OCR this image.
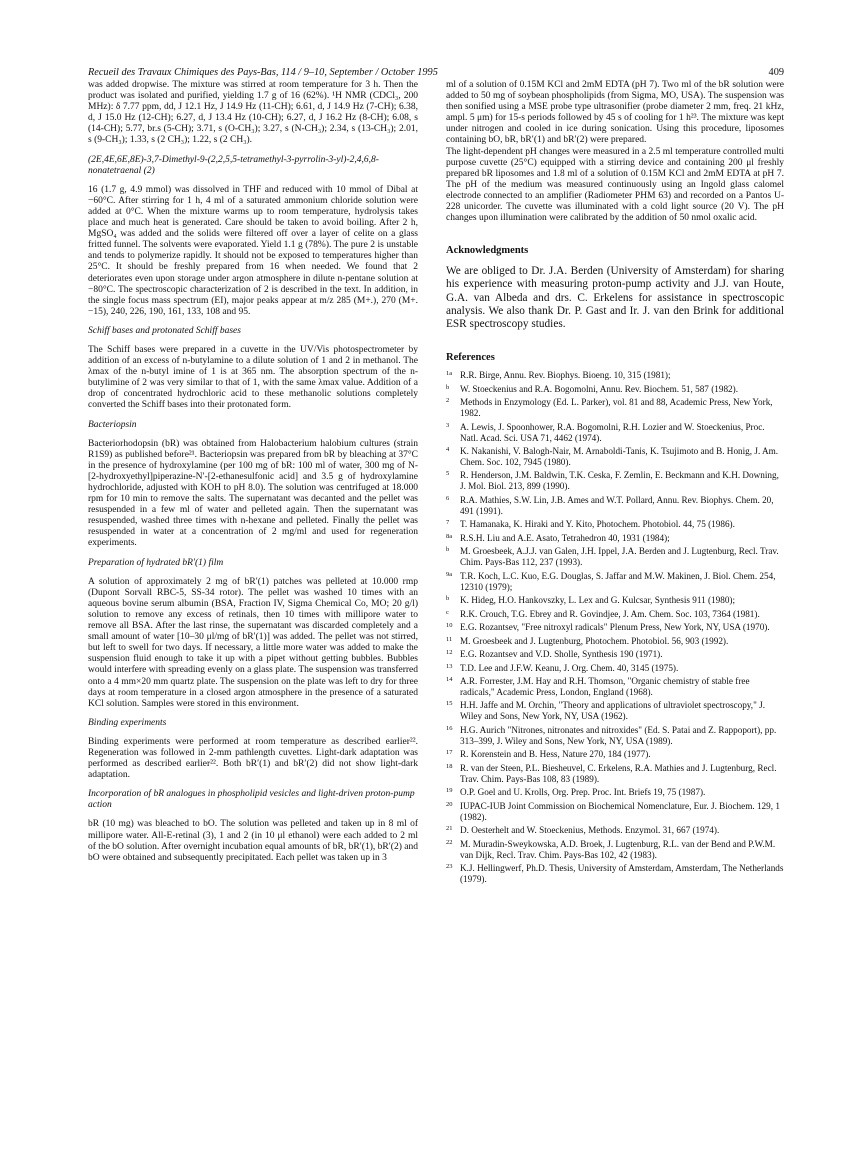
Recueil des Travaux Chimiques des Pays-Bas, 114 / 9–10, September / October 1995	409

was added dropwise. The mixture was stirred at room temperature for 3 h. Then the product was isolated and purified, yielding 1.7 g of 16 (62%). ¹H NMR (CDCl₃, 200 MHz): δ 7.77 ppm, dd, J 12.1 Hz, J 14.9 Hz (11-CH); 6.61, d, J 14.9 Hz (7-CH); 6.38, d, J 15.0 Hz (12-CH); 6.27, d, J 13.4 Hz (10-CH); 6.27, d, J 16.2 Hz (8-CH); 6.08, s (14-CH); 5.77, br.s (5-CH); 3.71, s (O-CH₃); 3.27, s (N-CH₃); 2.34, s (13-CH₃); 2.01, s (9-CH₃); 1.33, s (2 CH₃); 1.22, s (2 CH₃).

(2E,4E,6E,8E)-3,7-Dimethyl-9-(2,2,5,5-tetramethyl-3-pyrrolin-3-yl)-2,4,6,8-nonatetraenal (2)

16 (1.7 g, 4.9 mmol) was dissolved in THF and reduced with 10 mmol of Dibal at −60°C. After stirring for 1 h, 4 ml of a saturated ammonium chloride solution were added at 0°C. When the mixture warms up to room temperature, hydrolysis takes place and much heat is generated. Care should be taken to avoid boiling. After 2 h, MgSO₄ was added and the solids were filtered off over a layer of celite on a glass fritted funnel. The solvents were evaporated. Yield 1.1 g (78%). The pure 2 is unstable and tends to polymerize rapidly. It should not be exposed to temperatures higher than 25°C. It should be freshly prepared from 16 when needed. We found that 2 deteriorates even upon storage under argon atmosphere in dilute n-pentane solution at −80°C. The spectroscopic characterization of 2 is described in the text. In addition, in the single focus mass spectrum (EI), major peaks appear at m/z 285 (M+.), 270 (M+. −15), 240, 226, 190, 161, 133, 108 and 95.

Schiff bases and protonated Schiff bases

The Schiff bases were prepared in a cuvette in the UV/Vis photospectrometer by addition of an excess of n-butylamine to a dilute solution of 1 and 2 in methanol. The λmax of the n-butyl imine of 1 is at 365 nm. The absorption spectrum of the n-butylimine of 2 was very similar to that of 1, with the same λmax value. Addition of a drop of concentrated hydrochloric acid to these methanolic solutions completely converted the Schiff bases into their protonated form.

Bacteriopsin

Bacteriorhodopsin (bR) was obtained from Halobacterium halobium cultures (strain R1S9) as published before²¹. Bacteriopsin was prepared from bR by bleaching at 37°C in the presence of hydroxylamine (per 100 mg of bR: 100 ml of water, 300 mg of N-[2-hydroxyethyl]piperazine-N′-[2-ethanesulfonic acid] and 3.5 g of hydroxylamine hydrochloride, adjusted with KOH to pH 8.0). The solution was centrifuged at 18.000 rpm for 10 min to remove the salts. The supernatant was decanted and the pellet was resuspended in a few ml of water and pelleted again. Then the supernatant was resuspended, washed three times with n-hexane and pelleted. Finally the pellet was resuspended in water at a concentration of 2 mg/ml and used for regeneration experiments.

Preparation of hydrated bR′(1) film

A solution of approximately 2 mg of bR′(1) patches was pelleted at 10.000 rmp (Dupont Sorvall RBC-5, SS-34 rotor). The pellet was washed 10 times with an aqueous bovine serum albumin (BSA, Fraction IV, Sigma Chemical Co, MO; 20 g/l) solution to remove any excess of retinals, then 10 times with millipore water to remove all BSA. After the last rinse, the supernatant was discarded completely and a small amount of water [10–30 μl/mg of bR′(1)] was added. The pellet was not stirred, but left to swell for two days. If necessary, a little more water was added to make the suspension fluid enough to take it up with a pipet without getting bubbles. Bubbles would interfere with spreading evenly on a glass plate. The suspension was transferred onto a 4 mm×20 mm quartz plate. The suspension on the plate was left to dry for three days at room temperature in a closed argon atmosphere in the presence of a saturated KCl solution. Samples were stored in this environment.

Binding experiments

Binding experiments were performed at room temperature as described earlier²². Regeneration was followed in 2-mm pathlength cuvettes. Light-dark adaptation was performed as described earlier²². Both bR′(1) and bR′(2) did not show light-dark adaptation.

Incorporation of bR analogues in phospholipid vesicles and light-driven proton-pump action

bR (10 mg) was bleached to bO. The solution was pelleted and taken up in 8 ml of millipore water. All-E-retinal (3), 1 and 2 (in 10 μl ethanol) were each added to 2 ml of the bO solution. After overnight incubation equal amounts of bR, bR′(1), bR′(2) and bO were obtained and subsequently precipitated. Each pellet was taken up in 3

ml of a solution of 0.15M KCl and 2mM EDTA (pH 7). Two ml of the bR solution were added to 50 mg of soybean phospholipids (from Sigma, MO, USA). The suspension was then sonified using a MSE probe type ultrasonifier (probe diameter 2 mm, freq. 21 kHz, ampl. 5 μm) for 15-s periods followed by 45 s of cooling for 1 h²³. The mixture was kept under nitrogen and cooled in ice during sonication. Using this procedure, liposomes containing bO, bR, bR′(1) and bR′(2) were prepared.

The light-dependent pH changes were measured in a 2.5 ml temperature controlled multi purpose cuvette (25°C) equipped with a stirring device and containing 200 μl freshly prepared bR liposomes and 1.8 ml of a solution of 0.15M KCl and 2mM EDTA at pH 7. The pH of the medium was measured continuously using an Ingold glass calomel electrode connected to an amplifier (Radiometer PHM 63) and recorded on a Pantos U-228 unicorder. The cuvette was illuminated with a cold light source (20 V). The pH changes upon illumination were calibrated by the addition of 50 nmol oxalic acid.

Acknowledgments

We are obliged to Dr. J.A. Berden (University of Amsterdam) for sharing his experience with measuring proton-pump activity and J.J. van Houte, G.A. van Albeda and drs. C. Erkelens for assistance in spectroscopic analysis. We also thank Dr. P. Gast and Ir. J. van den Brink for additional ESR spectroscopy studies.

References

1a R.R. Birge, Annu. Rev. Biophys. Bioeng. 10, 315 (1981);
b W. Stoeckenius and R.A. Bogomolni, Annu. Rev. Biochem. 51, 587 (1982).
2 Methods in Enzymology (Ed. L. Parker), vol. 81 and 88, Academic Press, New York, 1982.
3 A. Lewis, J. Spoonhower, R.A. Bogomolni, R.H. Lozier and W. Stoeckenius, Proc. Natl. Acad. Sci. USA 71, 4462 (1974).
4 K. Nakanishi, V. Balogh-Nair, M. Arnaboldi-Tanis, K. Tsujimoto and B. Honig, J. Am. Chem. Soc. 102, 7945 (1980).
5 R. Henderson, J.M. Baldwin, T.K. Ceska, F. Zemlin, E. Beckmann and K.H. Downing, J. Mol. Biol. 213, 899 (1990).
6 R.A. Mathies, S.W. Lin, J.B. Ames and W.T. Pollard, Annu. Rev. Biophys. Chem. 20, 491 (1991).
7 T. Hamanaka, K. Hiraki and Y. Kito, Photochem. Photobiol. 44, 75 (1986).
8a R.S.H. Liu and A.E. Asato, Tetrahedron 40, 1931 (1984);
b M. Groesbeek, A.J.J. van Galen, J.H. Ippel, J.A. Berden and J. Lugtenburg, Recl. Trav. Chim. Pays-Bas 112, 237 (1993).
9a T.R. Koch, L.C. Kuo, E.G. Douglas, S. Jaffar and M.W. Makinen, J. Biol. Chem. 254, 12310 (1979);
b K. Hideg, H.O. Hankovszky, L. Lex and G. Kulcsar, Synthesis 911 (1980);
c R.K. Crouch, T.G. Ebrey and R. Govindjee, J. Am. Chem. Soc. 103, 7364 (1981).
10 E.G. Rozantsev, "Free nitroxyl radicals" Plenum Press, New York, NY, USA (1970).
11 M. Groesbeek and J. Lugtenburg, Photochem. Photobiol. 56, 903 (1992).
12 E.G. Rozantsev and V.D. Sholle, Synthesis 190 (1971).
13 T.D. Lee and J.F.W. Keanu, J. Org. Chem. 40, 3145 (1975).
14 A.R. Forrester, J.M. Hay and R.H. Thomson, "Organic chemistry of stable free radicals," Academic Press, London, England (1968).
15 H.H. Jaffe and M. Orchin, "Theory and applications of ultraviolet spectroscopy," J. Wiley and Sons, New York, NY, USA (1962).
16 H.G. Aurich "Nitrones, nitronates and nitroxides" (Ed. S. Patai and Z. Rappoport), pp. 313–399, J. Wiley and Sons, New York, NY, USA (1989).
17 R. Korenstein and B. Hess, Nature 270, 184 (1977).
18 R. van der Steen, P.L. Biesheuvel, C. Erkelens, R.A. Mathies and J. Lugtenburg, Recl. Trav. Chim. Pays-Bas 108, 83 (1989).
19 O.P. Goel and U. Krolls, Org. Prep. Proc. Int. Briefs 19, 75 (1987).
20 IUPAC-IUB Joint Commission on Biochemical Nomenclature, Eur. J. Biochem. 129, 1 (1982).
21 D. Oesterhelt and W. Stoeckenius, Methods. Enzymol. 31, 667 (1974).
22 M. Muradin-Sweykowska, A.D. Broek, J. Lugtenburg, R.L. van der Bend and P.W.M. van Dijk, Recl. Trav. Chim. Pays-Bas 102, 42 (1983).
23 K.J. Hellingwerf, Ph.D. Thesis, University of Amsterdam, Amsterdam, The Netherlands (1979).
